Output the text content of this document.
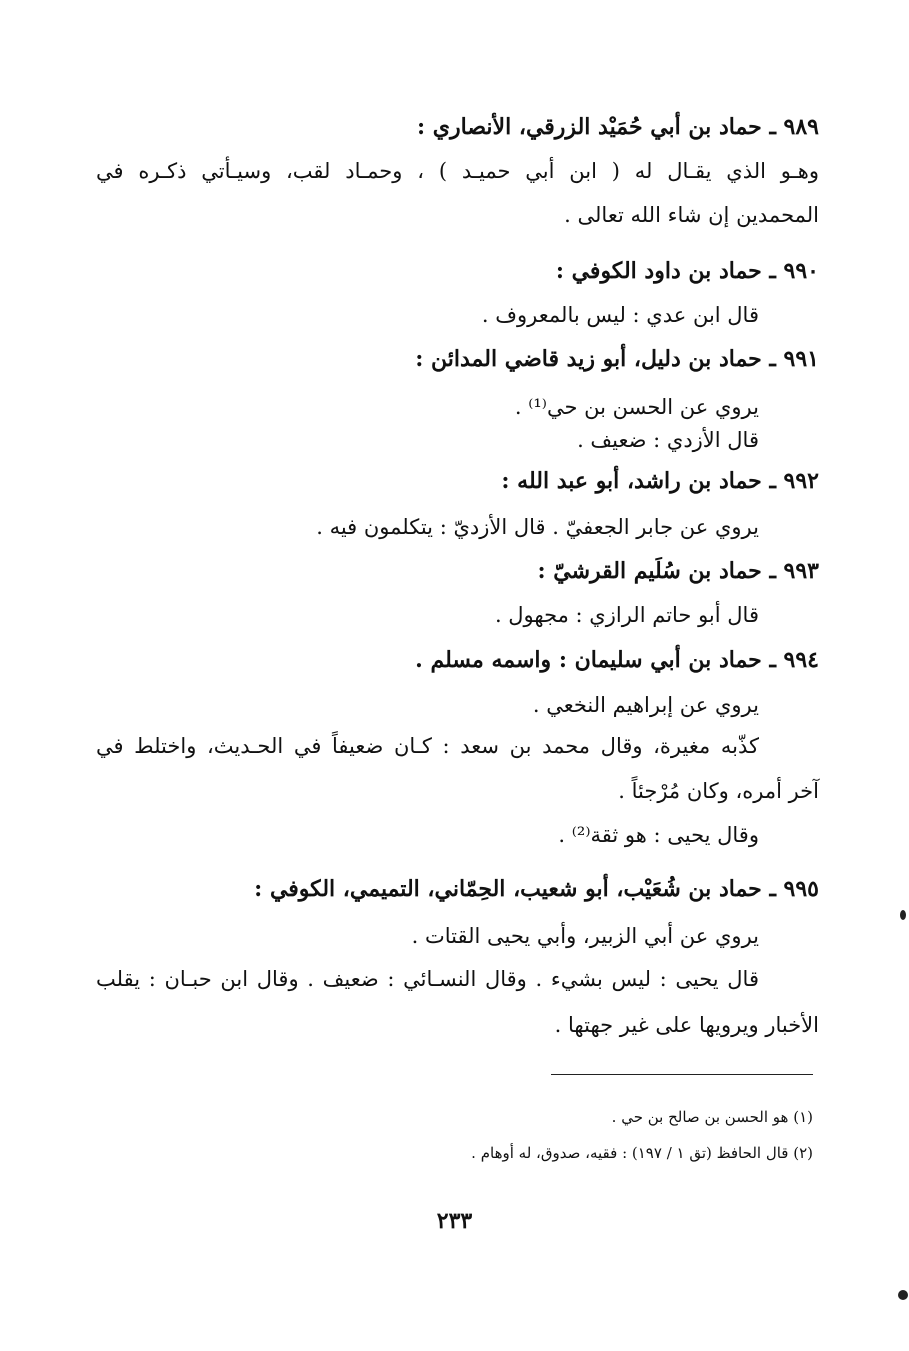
٩٨٩ ـ حماد بن أبي حُمَيْد الزرقي، الأنصاري :
وهـو الذي يقـال له ( ابن أبي حميـد ) ، وحمـاد لقب، وسيـأتي ذكـره في
المحمدين إن شاء الله تعالى .
٩٩٠ ـ حماد بن داود الكوفي :
قال ابن عدي : ليس بالمعروف .
٩٩١ ـ حماد بن دليل، أبو زيد قاضي المدائن :
يروي عن الحسن بن حي⁽¹⁾ .
قال الأزدي : ضعيف .
٩٩٢ ـ حماد بن راشد، أبو عبد الله :
يروي عن جابر الجعفيّ . قال الأزديّ : يتكلمون فيه .
٩٩٣ ـ حماد بن سُلَيم القرشيّ :
قال أبو حاتم الرازي : مجهول .
٩٩٤ ـ حماد بن أبي سليمان : واسمه مسلم .
يروي عن إبراهيم النخعي .
كذّبه مغيرة، وقال محمد بن سعد : كـان ضعيفاً في الحـديث، واختلط في
آخر أمره، وكان مُرْجئاً .
وقال يحيى : هو ثقة⁽²⁾ .
٩٩٥ ـ حماد بن شُعَيْب، أبو شعيب، الحِمّاني، التميمي، الكوفي :
يروي عن أبي الزبير، وأبي يحيى القتات .
قال يحيى : ليس بشيء . وقال النسـائي : ضعيف . وقال ابن حبـان : يقلب
الأخبار ويرويها على غير جهتها .
(١) هو الحسن بن صالح بن حي .
(٢) قال الحافظ (تق ١ / ١٩٧) : فقيه، صدوق، له أوهام .
٢٣٣
